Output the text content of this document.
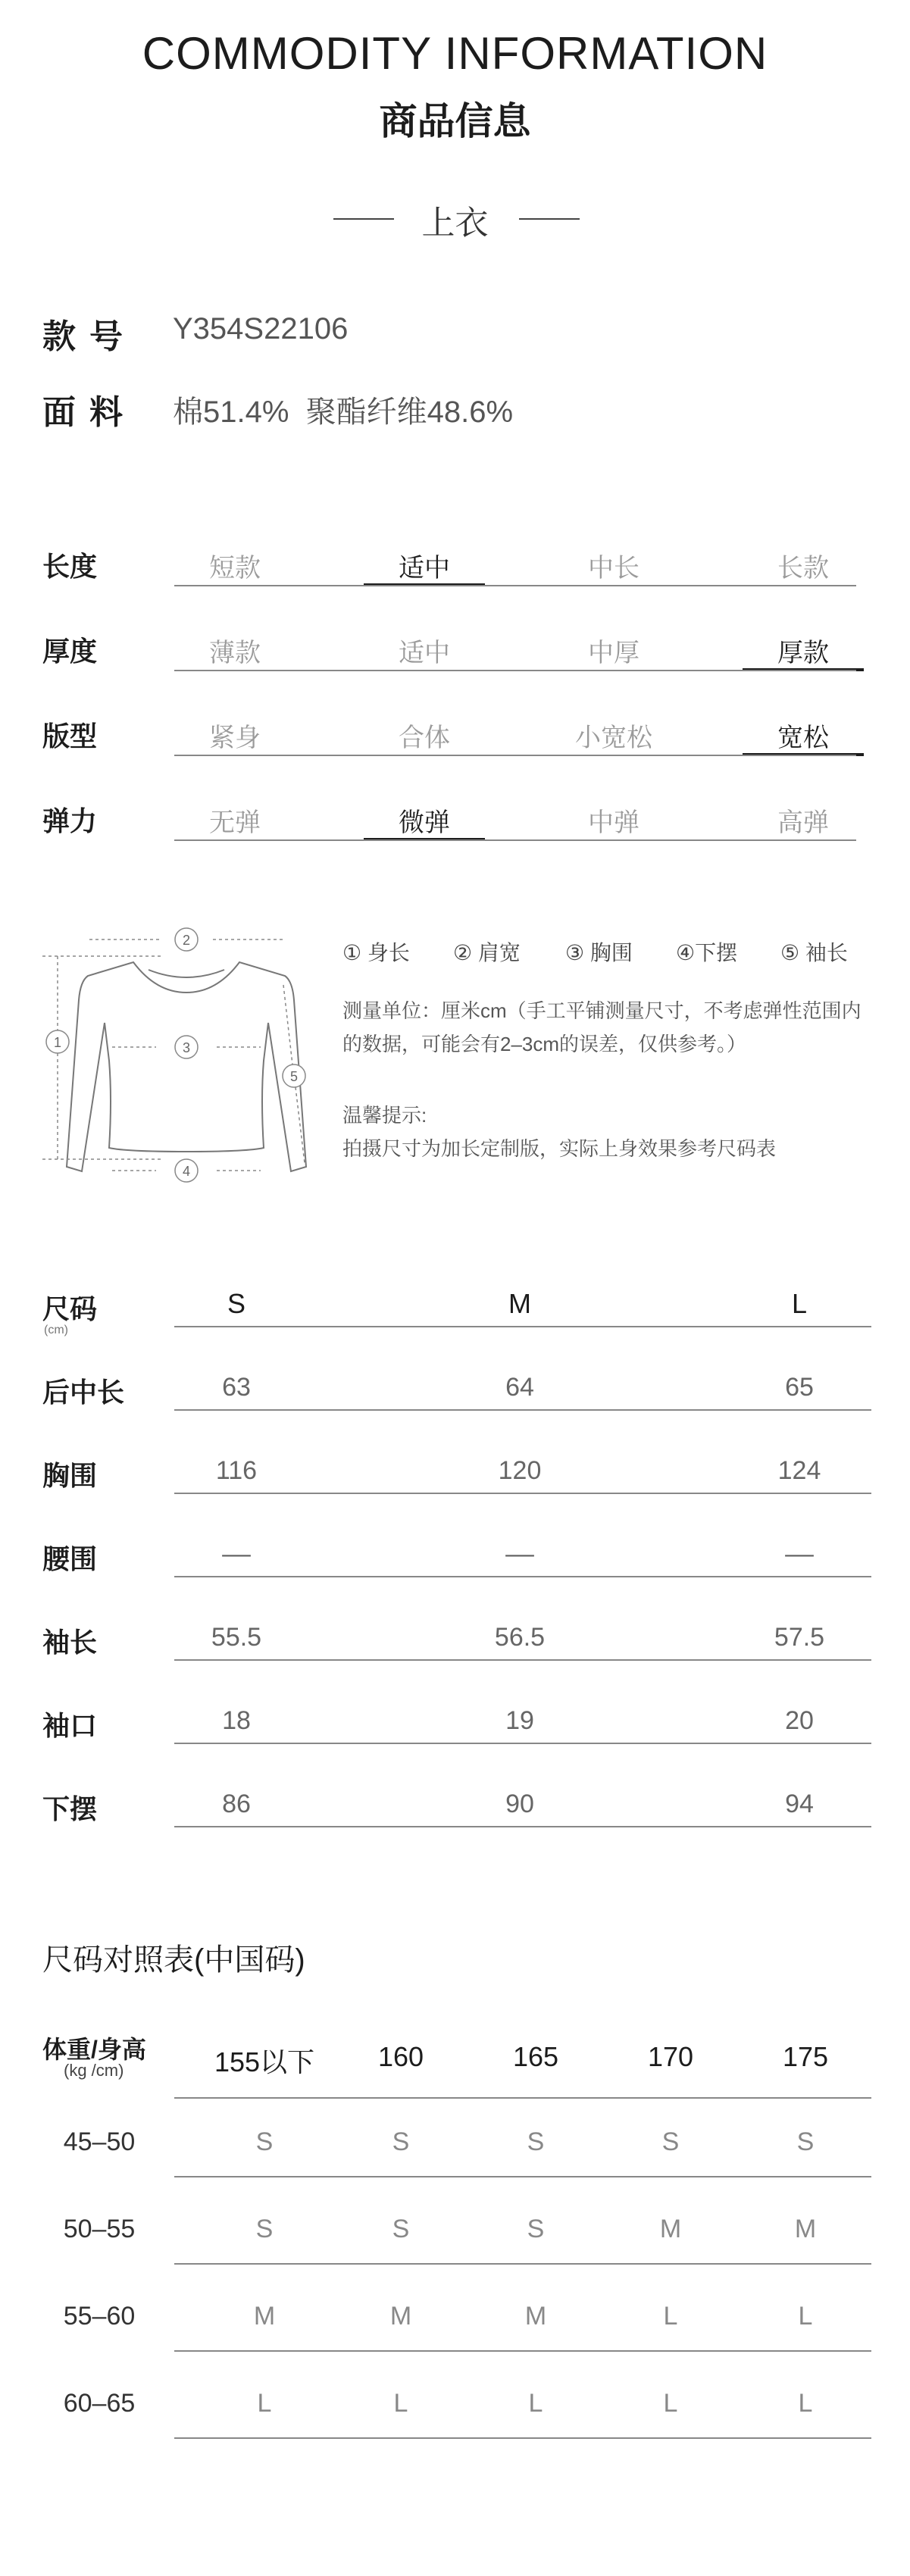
COMMODITY INFORMATION
商品信息
上衣
款号 Y354S22106
面料 棉51.4%  聚酯纤维48.6%
长度	短款	适中	中长	长款
厚度	薄款	适中	中厚	厚款
版型	紧身	合体	小宽松	宽松
弹力	无弹	微弹	中弹	高弹
2
3
1
5
4
① 身长 ② 肩宽 ③ 胸围 ④下摆 ⑤ 袖长
测量单位：厘米cm（手工平铺测量尺寸，不考虑弹性范围内
的数据，可能会有2–3cm的误差，仅供参考。）
温馨提示:
拍摄尺寸为加长定制版，实际上身效果参考尺码表
尺码	S	M	L
后中长	63	64	65
胸围	116	120	124
腰围	––	––	––
袖长	55.5	56.5	57.5
袖口	18	19	20
下摆	86	90	94
(cm)
尺码对照表(中国码)
体重/身高
(kg /cm)	155以下	160	165	170	175
45–50	S	S	S	S	S
50–55	S	S	S	M	M
55–60	M	M	M	L	L
60–65	L	L	L	L	L
